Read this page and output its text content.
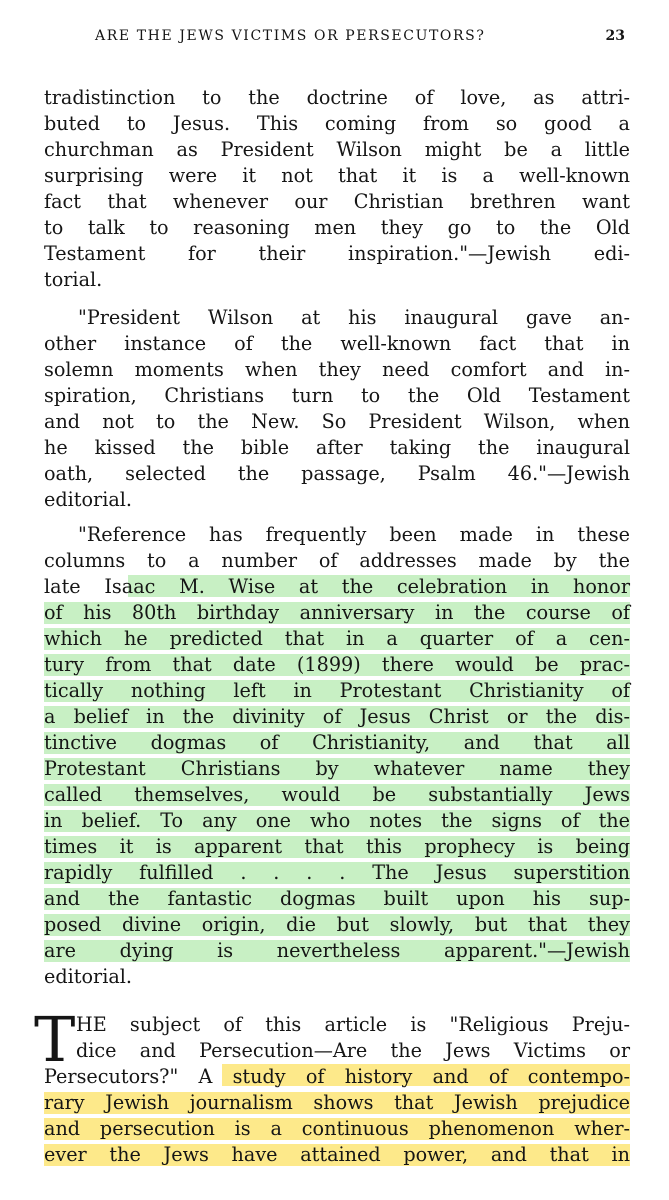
ARE THE JEWS VICTIMS OR PERSECUTORS?	23
tradistinction to the doctrine of love, as attri-
buted to Jesus. This coming from so good a
churchman as President Wilson might be a little
surprising were it not that it is a well-known
fact that whenever our Christian brethren want
to talk to reasoning men they go to the Old
Testament for their inspiration."—Jewish edi-
torial.
"President Wilson at his inaugural gave an-
other instance of the well-known fact that in
solemn moments when they need comfort and in-
spiration, Christians turn to the Old Testament
and not to the New. So President Wilson, when
he kissed the bible after taking the inaugural
oath, selected the passage, Psalm 46."—Jewish
editorial.
"Reference has frequently been made in these
columns to a number of addresses made by the
late Isaac M. Wise at the celebration in honor
of his 80th birthday anniversary in the course of
which he predicted that in a quarter of a cen-
tury from that date (1899) there would be prac-
tically nothing left in Protestant Christianity of
a belief in the divinity of Jesus Christ or the dis-
tinctive dogmas of Christianity, and that all
Protestant Christians by whatever name they
called themselves, would be substantially Jews
in belief. To any one who notes the signs of the
times it is apparent that this prophecy is being
rapidly fulfilled . . . . The Jesus superstition
and the fantastic dogmas built upon his sup-
posed divine origin, die but slowly, but that they
are dying is nevertheless apparent."—Jewish
editorial.
T HE subject of this article is "Religious Preju-
dice and Persecution—Are the Jews Victims or
Persecutors?" A study of history and of contempo-
rary Jewish journalism shows that Jewish prejudice
and persecution is a continuous phenomenon wher-
ever the Jews have attained power, and that in
